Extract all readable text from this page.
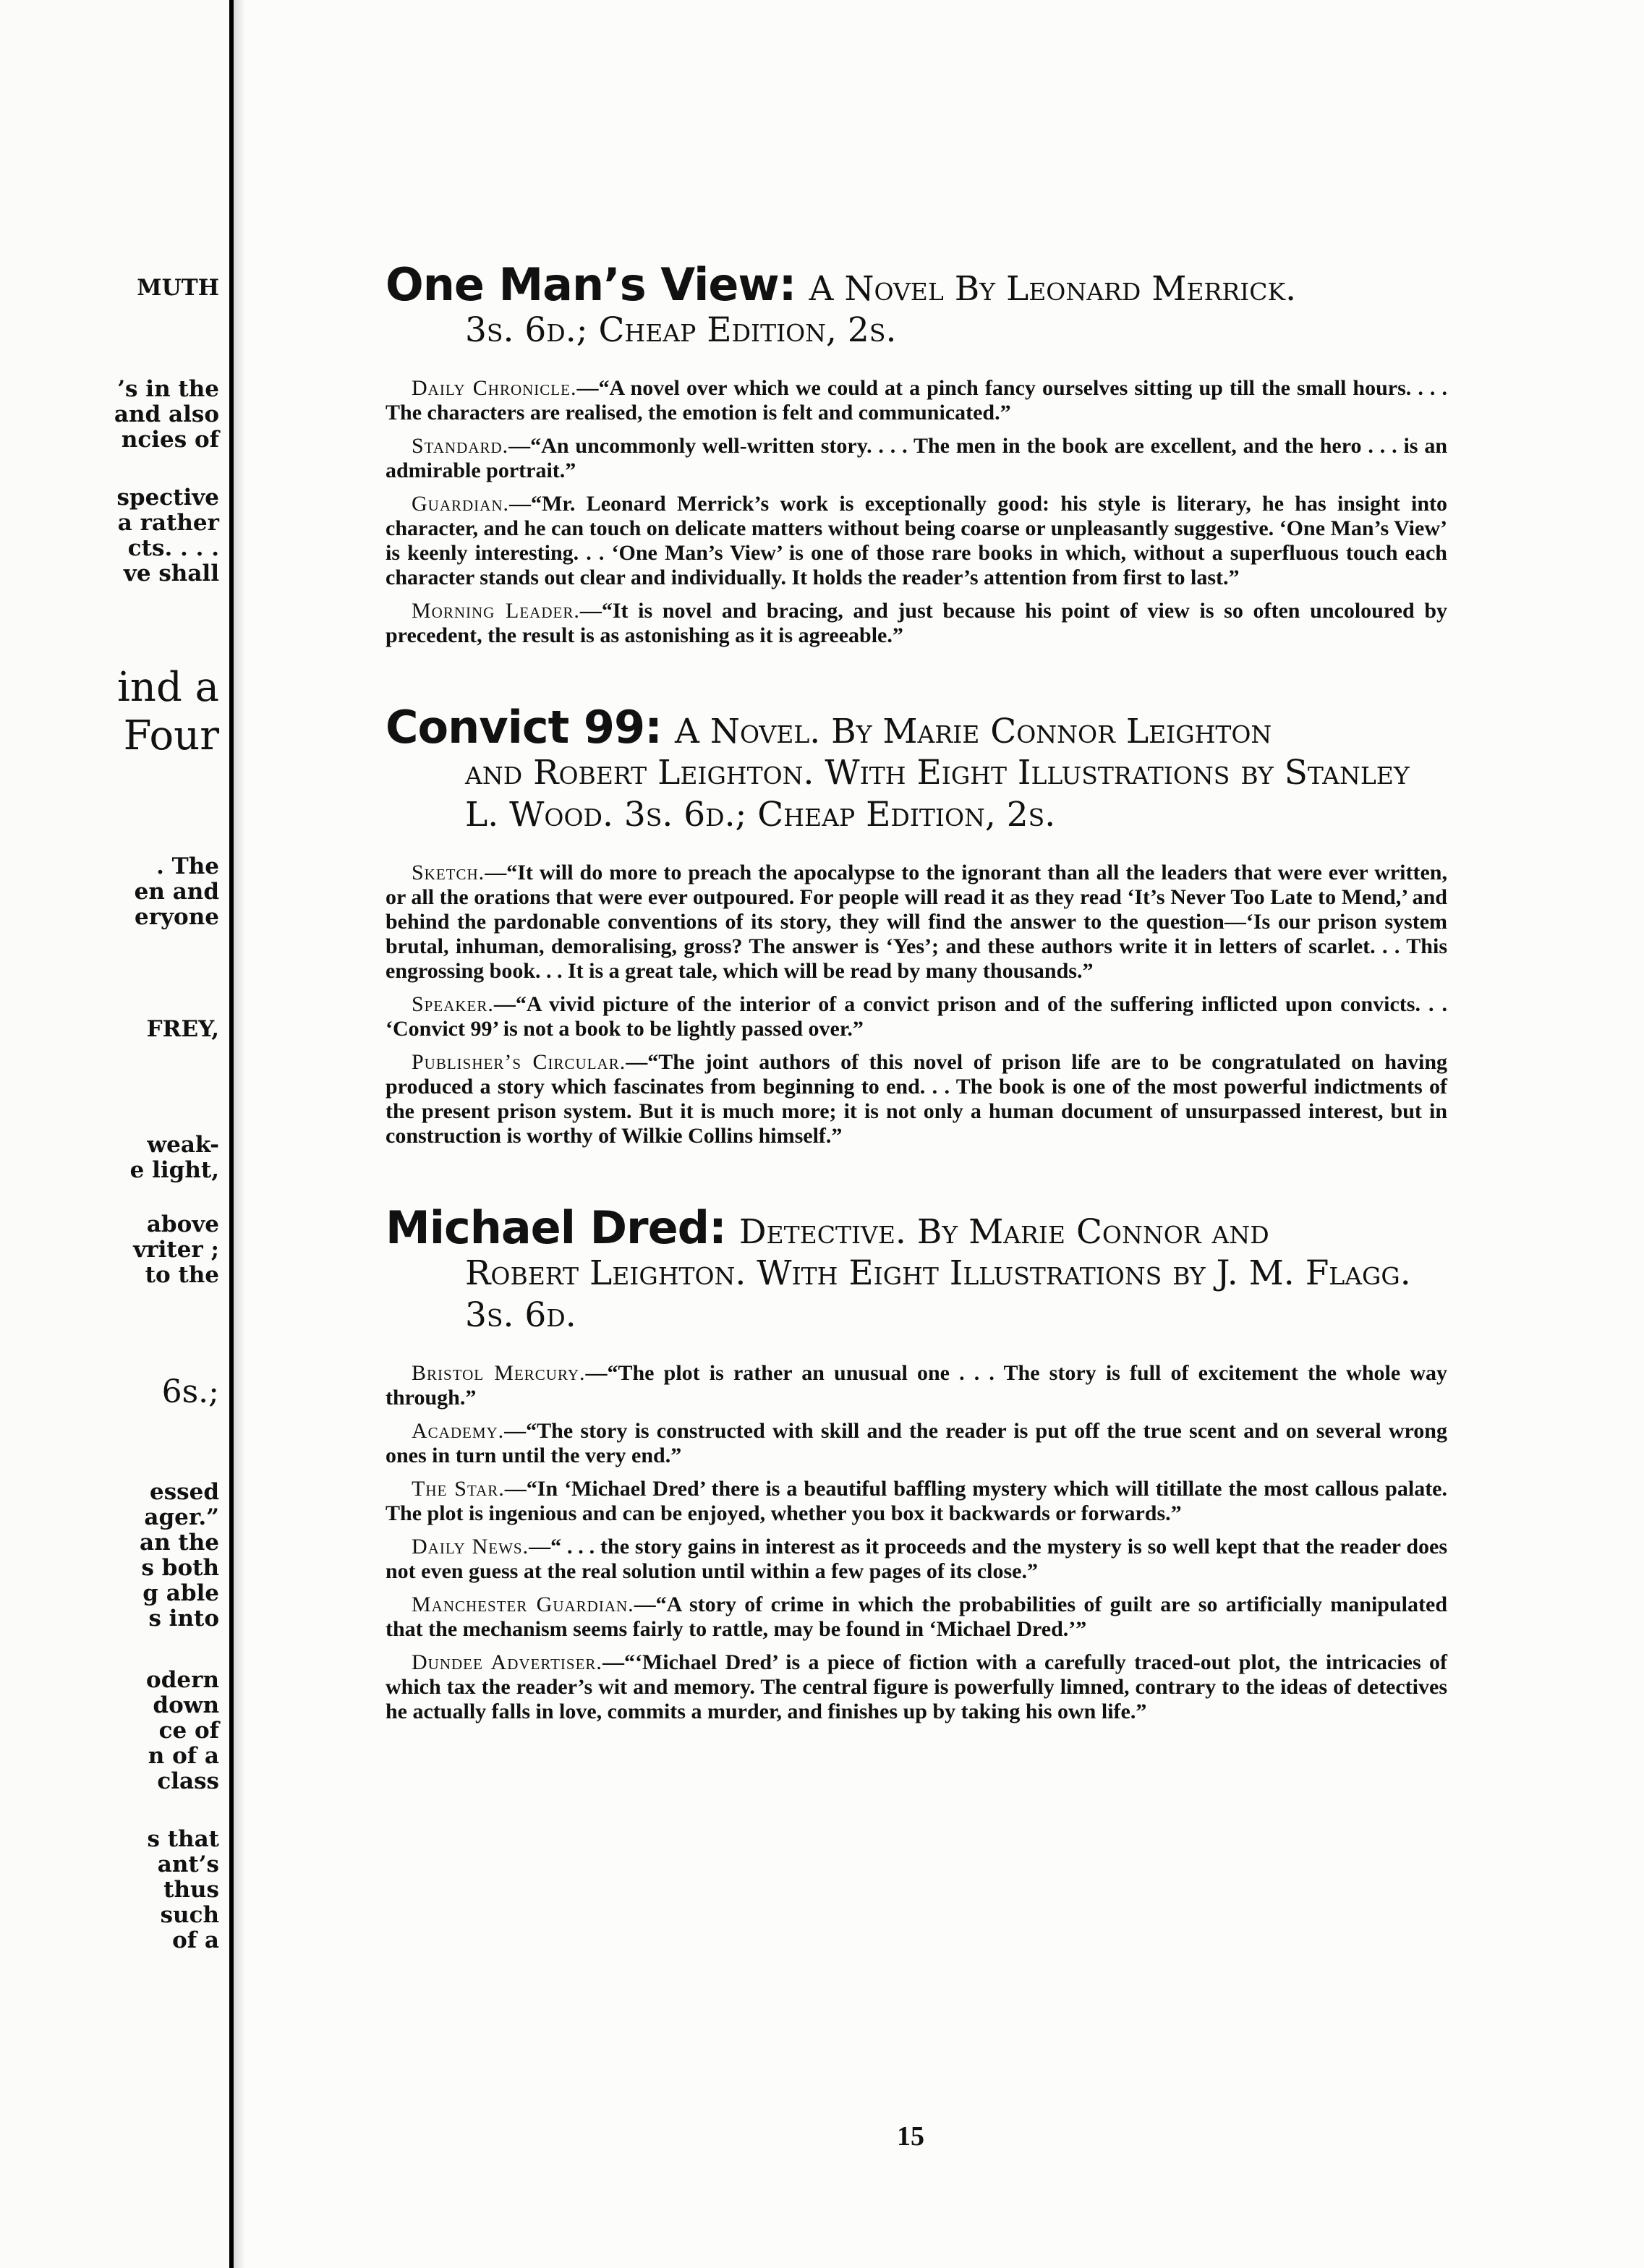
MUTH

’s in the

and also

ncies of

spective

a rather

cts. . . .

ve shall

ind a

Four

. The

en and

eryone

FREY,

weak-

e light,

above

vriter ;

to the

6s.;

essed

ager.”

an the

s both

g able

s into

odern

down

ce of

n of a

class

s that

ant’s

thus

such

of a

One Man’s View: A Novel By Leonard Merrick.

3s. 6d.; Cheap Edition, 2s.

Daily Chronicle.—“A novel over which we could at a pinch fancy ourselves sitting up till the small hours. . . . The characters are realised, the emotion is felt and communicated.”

Standard.—“An uncommonly well-written story. . . . The men in the book are excellent, and the hero . . . is an admirable portrait.”

Guardian.—“Mr. Leonard Merrick’s work is exceptionally good: his style is literary, he has insight into character, and he can touch on delicate matters without being coarse or unpleasantly suggestive. ‘One Man’s View’ is keenly interesting. . . ‘One Man’s View’ is one of those rare books in which, without a superfluous touch each character stands out clear and individually. It holds the reader’s attention from first to last.”

Morning Leader.—“It is novel and bracing, and just because his point of view is so often uncoloured by precedent, the result is as astonishing as it is agreeable.”

Convict 99: A Novel. By Marie Connor Leighton

and Robert Leighton. With Eight Illustrations by Stanley L. Wood. 3s. 6d.; Cheap Edition, 2s.

Sketch.—“It will do more to preach the apocalypse to the ignorant than all the leaders that were ever written, or all the orations that were ever outpoured. For people will read it as they read ‘It’s Never Too Late to Mend,’ and behind the pardonable conventions of its story, they will find the answer to the question—‘Is our prison system brutal, inhuman, demoralising, gross? The answer is ‘Yes’; and these authors write it in letters of scarlet. . . This engrossing book. . . It is a great tale, which will be read by many thousands.”

Speaker.—“A vivid picture of the interior of a convict prison and of the suffering inflicted upon convicts. . . ‘Convict 99’ is not a book to be lightly passed over.”

Publisher’s Circular.—“The joint authors of this novel of prison life are to be congratulated on having produced a story which fascinates from beginning to end. . . The book is one of the most powerful indictments of the present prison system. But it is much more; it is not only a human document of unsurpassed interest, but in construction is worthy of Wilkie Collins himself.”

Michael Dred: Detective. By Marie Connor and

Robert Leighton. With Eight Illustrations by J. M. Flagg. 3s. 6d.

Bristol Mercury.—“The plot is rather an unusual one . . . The story is full of excitement the whole way through.”

Academy.—“The story is constructed with skill and the reader is put off the true scent and on several wrong ones in turn until the very end.”

The Star.—“In ‘Michael Dred’ there is a beautiful baffling mystery which will titillate the most callous palate. The plot is ingenious and can be enjoyed, whether you box it backwards or forwards.”

Daily News.—“ . . . the story gains in interest as it proceeds and the mystery is so well kept that the reader does not even guess at the real solution until within a few pages of its close.”

Manchester Guardian.—“A story of crime in which the probabilities of guilt are so artificially manipulated that the mechanism seems fairly to rattle, may be found in ‘Michael Dred.’”

Dundee Advertiser.—“‘Michael Dred’ is a piece of fiction with a carefully traced-out plot, the intricacies of which tax the reader’s wit and memory. The central figure is powerfully limned, contrary to the ideas of detectives he actually falls in love, commits a murder, and finishes up by taking his own life.”

15
